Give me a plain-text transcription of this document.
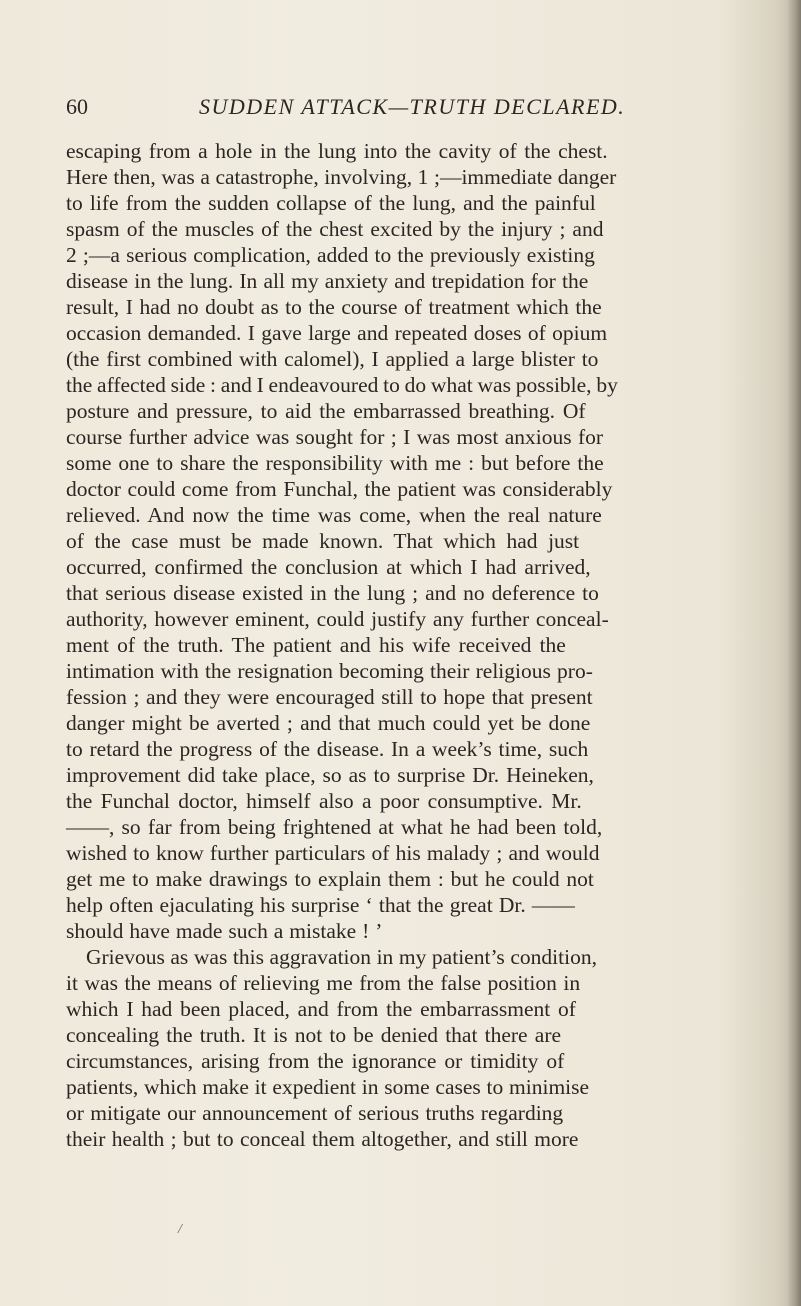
60	SUDDEN ATTACK—TRUTH DECLARED.
escaping from a hole in the lung into the cavity of the chest.
Here then, was a catastrophe, involving, 1 ;—immediate danger
to life from the sudden collapse of the lung, and the painful
spasm of the muscles of the chest excited by the injury ; and
2 ;—a serious complication, added to the previously existing
disease in the lung. In all my anxiety and trepidation for the
result, I had no doubt as to the course of treatment which the
occasion demanded. I gave large and repeated doses of opium
(the first combined with calomel), I applied a large blister to
the affected side : and I endeavoured to do what was possible, by
posture and pressure, to aid the embarrassed breathing. Of
course further advice was sought for ; I was most anxious for
some one to share the responsibility with me : but before the
doctor could come from Funchal, the patient was considerably
relieved. And now the time was come, when the real nature
of the case must be made known. That which had just
occurred, confirmed the conclusion at which I had arrived,
that serious disease existed in the lung ; and no deference to
authority, however eminent, could justify any further conceal-
ment of the truth. The patient and his wife received the
intimation with the resignation becoming their religious pro-
fession ; and they were encouraged still to hope that present
danger might be averted ; and that much could yet be done
to retard the progress of the disease. In a week’s time, such
improvement did take place, so as to surprise Dr. Heineken,
the Funchal doctor, himself also a poor consumptive. Mr.
——, so far from being frightened at what he had been told,
wished to know further particulars of his malady ; and would
get me to make drawings to explain them : but he could not
help often ejaculating his surprise ‘ that the great Dr. ——
should have made such a mistake ! ’
Grievous as was this aggravation in my patient’s condition,
it was the means of relieving me from the false position in
which I had been placed, and from the embarrassment of
concealing the truth. It is not to be denied that there are
circumstances, arising from the ignorance or timidity of
patients, which make it expedient in some cases to minimise
or mitigate our announcement of serious truths regarding
their health ; but to conceal them altogether, and still more
/
